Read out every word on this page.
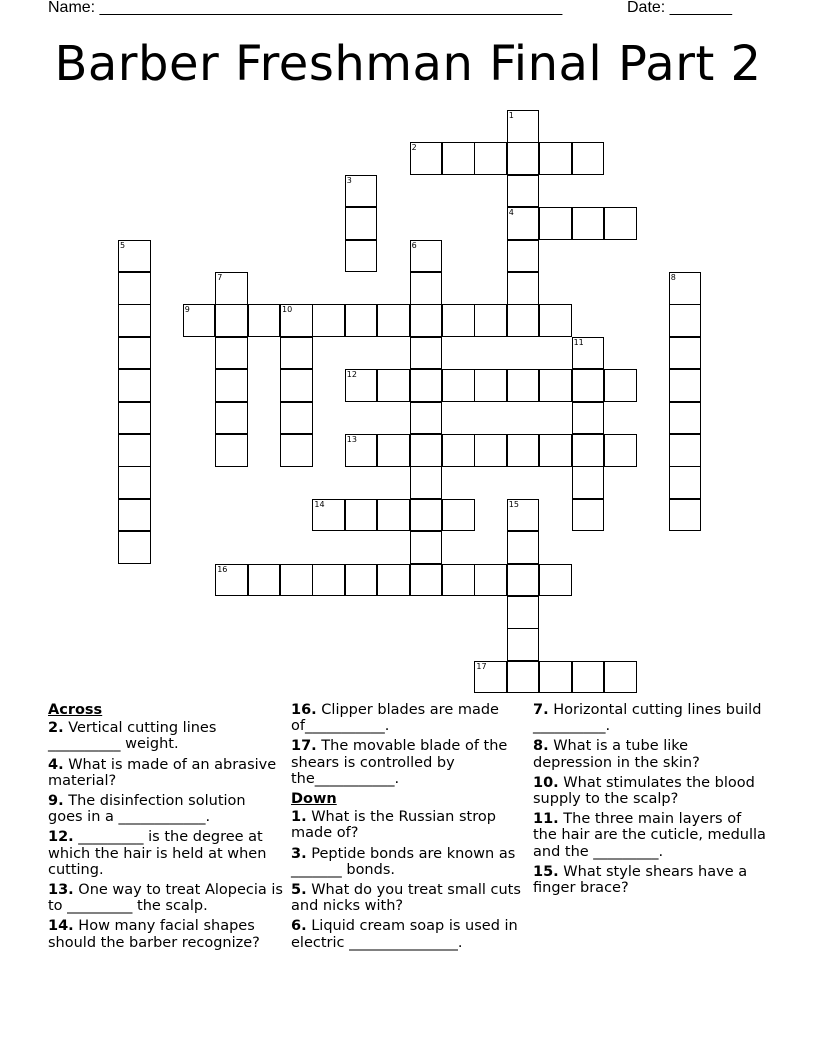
Name: ____________________________________________________	Date: _______
Barber Freshman Final Part 2
1
4
2
3
5	6
7	8
9	10
11
12
13
14	15
16
17
Across
2. Vertical cutting lines __________ weight.
4. What is made of an abrasive material?
9. The disinfection solution goes in a ____________.
12. _________ is the degree at which the hair is held at when cutting.
13. One way to treat Alopecia is to _________ the scalp.
14. How many facial shapes should the barber recognize?
16. Clipper blades are made of___________.
17. The movable blade of the shears is controlled by the___________.
Down
1. What is the Russian strop made of?
3. Peptide bonds are known as _______ bonds.
5. What do you treat small cuts and nicks with?
6. Liquid cream soap is used in electric _______________.
7. Horizontal cutting lines build __________.
8. What is a tube like depression in the skin?
10. What stimulates the blood supply to the scalp?
11. The three main layers of the hair are the cuticle, medulla and the _________.
15. What style shears have a finger brace?
